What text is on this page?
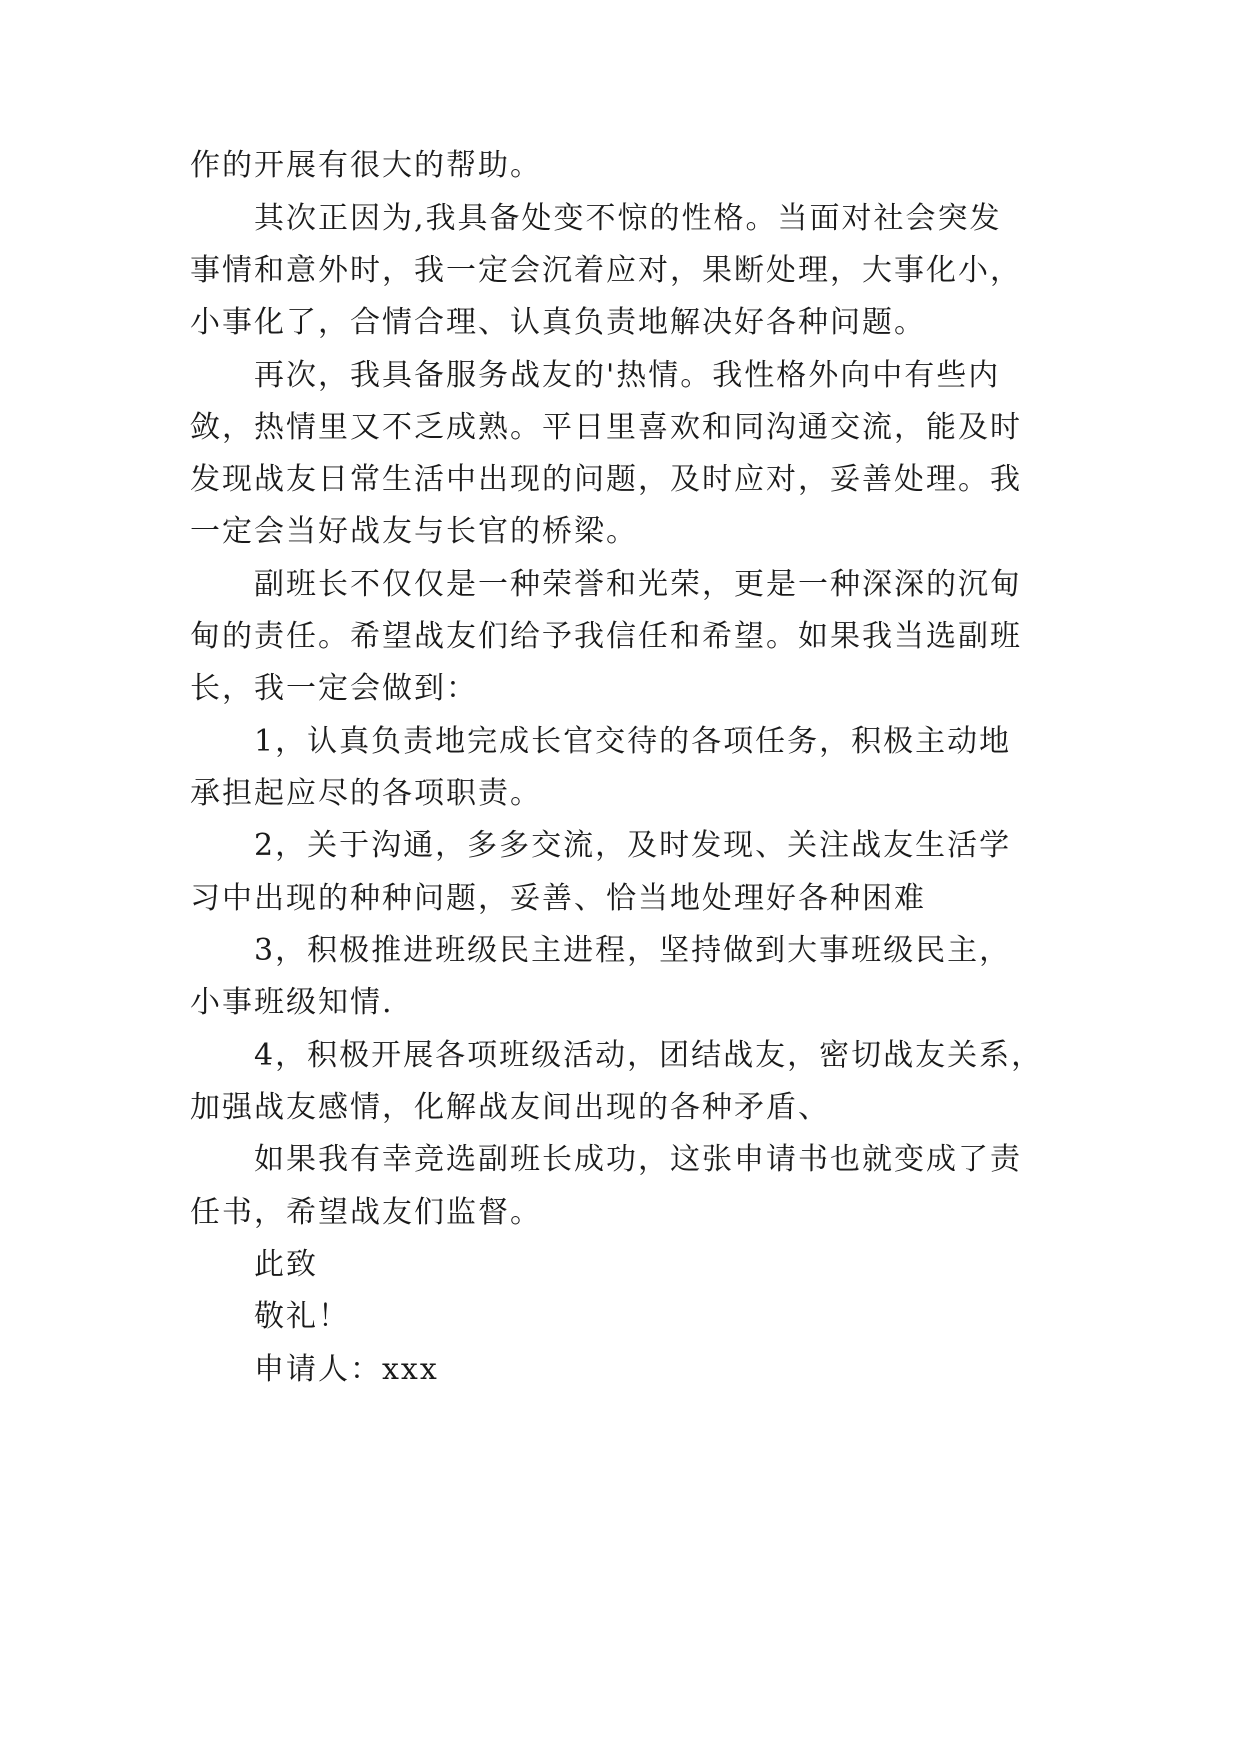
作的开展有很大的帮助。
其次正因为,我具备处变不惊的性格。当面对社会突发
事情和意外时，我一定会沉着应对，果断处理，大事化小，
小事化了，合情合理、认真负责地解决好各种问题。
再次，我具备服务战友的'热情。我性格外向中有些内
敛，热情里又不乏成熟。平日里喜欢和同沟通交流，能及时
发现战友日常生活中出现的问题，及时应对，妥善处理。我
一定会当好战友与长官的桥梁。
副班长不仅仅是一种荣誉和光荣，更是一种深深的沉甸
甸的责任。希望战友们给予我信任和希望。如果我当选副班
长，我一定会做到：
1，认真负责地完成长官交待的各项任务，积极主动地
承担起应尽的各项职责。
2，关于沟通，多多交流，及时发现、关注战友生活学
习中出现的种种问题，妥善、恰当地处理好各种困难
3，积极推进班级民主进程，坚持做到大事班级民主，
小事班级知情.
4，积极开展各项班级活动，团结战友，密切战友关系，
加强战友感情，化解战友间出现的各种矛盾、
如果我有幸竞选副班长成功，这张申请书也就变成了责
任书，希望战友们监督。
此致
敬礼！
申请人：xxx
